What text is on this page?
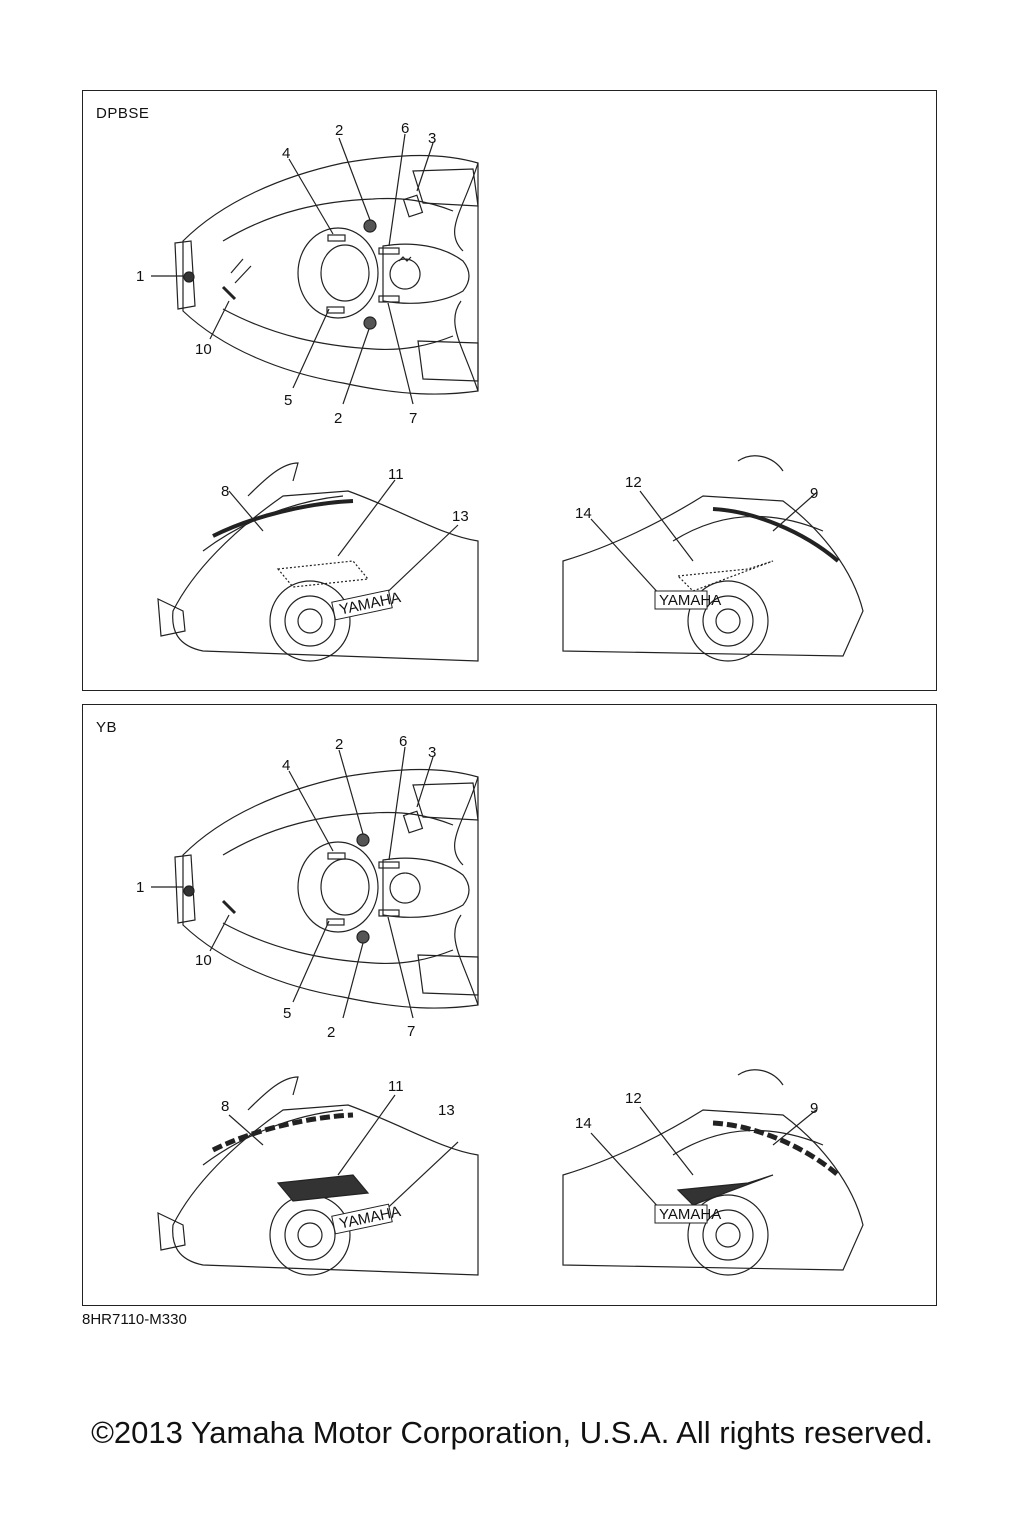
DPBSE
YAMAHA	YAMAHA
1
2
2
3
4
5
6
7
8	9
10
11	12
13	14
YB
YAMAHA	YAMAHA
1
2
2
3
4
5
6
7
8	9
10
11
12
13
14
8HR7110-M330
©2013 Yamaha Motor Corporation, U.S.A. All rights reserved.
